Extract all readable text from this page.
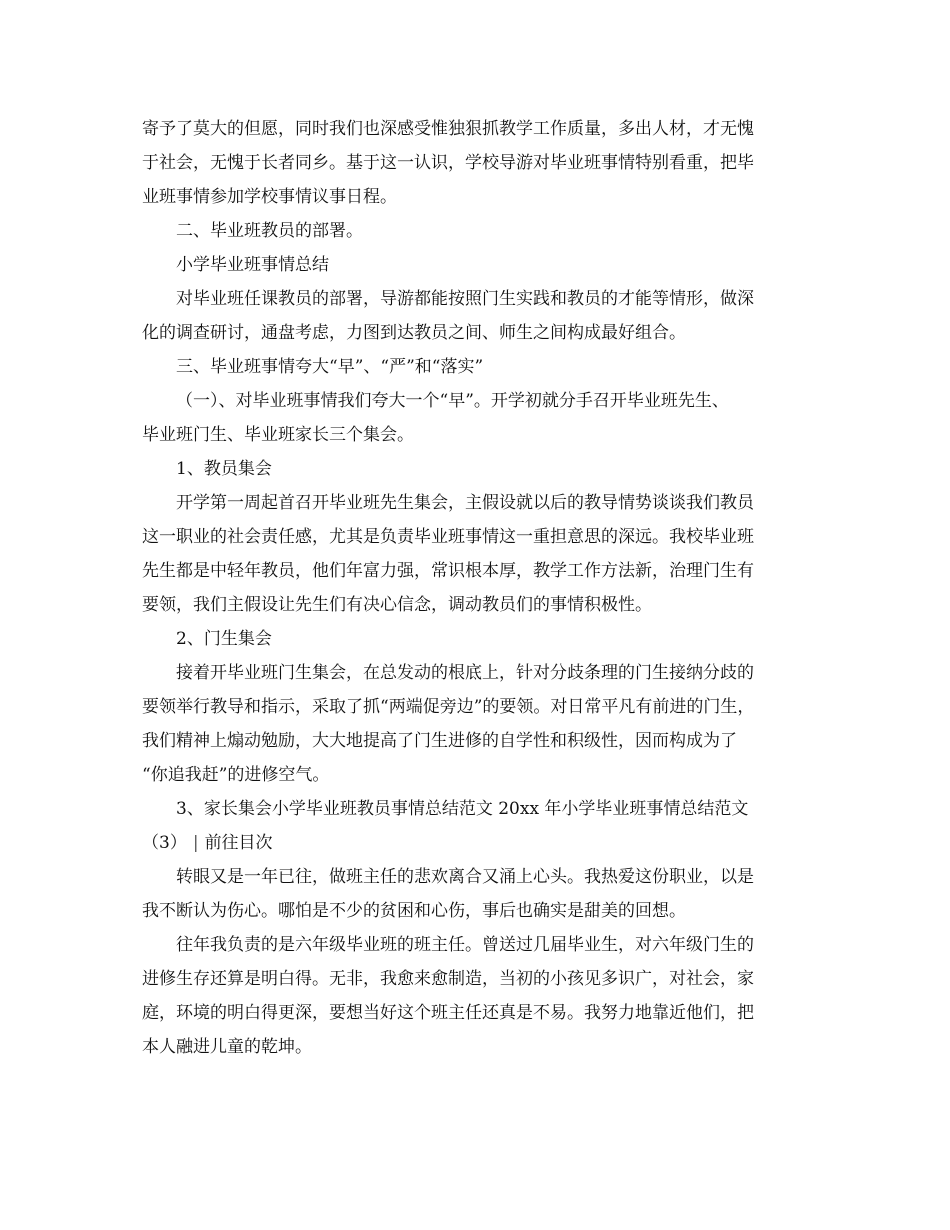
寄予了莫大的但愿，同时我们也深感受惟独狠抓教学工作质量，多出人材，才无愧
于社会，无愧于长者同乡。基于这一认识，学校导游对毕业班事情特别看重，把毕
业班事情参加学校事情议事日程。
二、毕业班教员的部署。
小学毕业班事情总结
对毕业班任课教员的部署，导游都能按照门生实践和教员的才能等情形，做深
化的调查研讨，通盘考虑，力图到达教员之间、师生之间构成最好组合。
三、毕业班事情夸大“早”、“严”和“落实”
（一）、对毕业班事情我们夸大一个“早”。开学初就分手召开毕业班先生、
毕业班门生、毕业班家长三个集会。
1、教员集会
开学第一周起首召开毕业班先生集会，主假设就以后的教导情势谈谈我们教员
这一职业的社会责任感，尤其是负责毕业班事情这一重担意思的深远。我校毕业班
先生都是中轻年教员，他们年富力强，常识根本厚，教学工作方法新，治理门生有
要领，我们主假设让先生们有决心信念，调动教员们的事情积极性。
2、门生集会
接着开毕业班门生集会，在总发动的根底上，针对分歧条理的门生接纳分歧的
要领举行教导和指示，采取了抓“两端促旁边”的要领。对日常平凡有前进的门生，
我们精神上煽动勉励，大大地提高了门生进修的自学性和积级性，因而构成为了
“你追我赶”的进修空气。
3、家长集会小学毕业班教员事情总结范文 20xx 年小学毕业班事情总结范文
（3） | 前往目次
转眼又是一年已往，做班主任的悲欢离合又涌上心头。我热爱这份职业，以是
我不断认为伤心。哪怕是不少的贫困和心伤，事后也确实是甜美的回想。
往年我负责的是六年级毕业班的班主任。曾送过几届毕业生，对六年级门生的
进修生存还算是明白得。无非，我愈来愈制造，当初的小孩见多识广，对社会，家
庭，环境的明白得更深，要想当好这个班主任还真是不易。我努力地靠近他们，把
本人融进儿童的乾坤。
